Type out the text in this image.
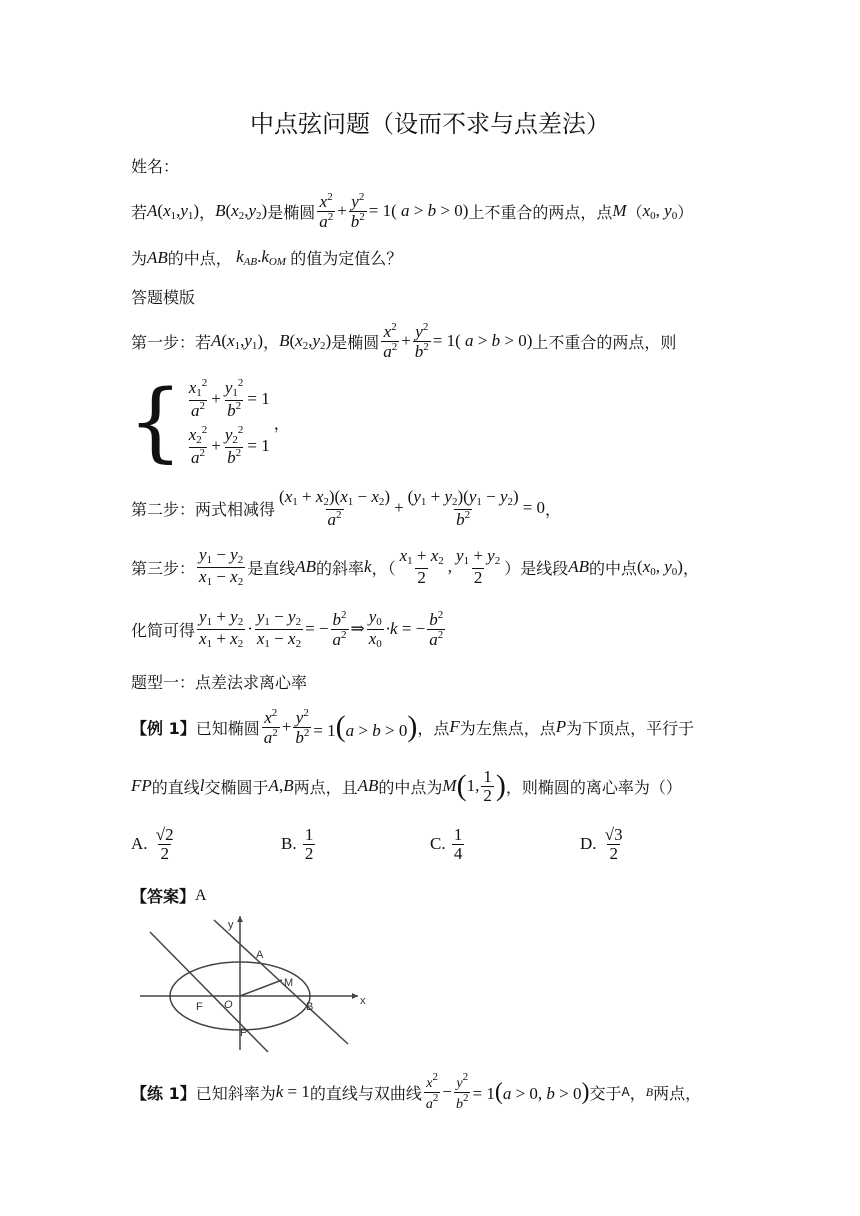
中点弦问题（设而不求与点差法）
姓名：
若 $A(x_1,y_1)$ ， $B(x_2,y_2)$ 是椭圆 $\frac{x^2}{a^2} + \frac{y^2}{b^2} = 1$( a > b > 0) 上不重合的两点，点 M （ $x_0$, $y_0$ ）
为 AB 的中点， $k_{AB}.k_{OM}$ 的值为定值么？
答题模版
第一步：若 $A(x_1,y_1)$ ， $B(x_2,y_2)$ 是椭圆 $\frac{x^2}{a^2} + \frac{y^2}{b^2} = 1$( a > b > 0) 上不重合的两点，则
{ $\frac{x_1^2}{a^2} + \frac{y_1^2}{b^2} = 1$
$\frac{x_2^2}{a^2} + \frac{y_2^2}{b^2} = 1$
，
第二步：两式相减得 $\frac{(x_1 + x_2)(x_1 - x_2)}{a^2} + \frac{(y_1 + y_2)(y_1 - y_2)}{b^2} = 0$ ，
第三步： $\frac{y_1 - y_2}{x_1 - x_2}$ 是直线 AB 的斜率 k ，（ $\frac{x_1 + x_2}{2}$ , $\frac{y_1 + y_2}{2}$ ） 是线段 AB 的中点 ($x_0$, $y_0$) ，
化简可得 $\frac{y_1 + y_2}{x_1 + x_2} \cdot \frac{y_1 - y_2}{x_1 - x_2}$ = − $\frac{b^2}{a^2}$ ⇒ $\frac{y_0}{x_0} \cdot k$ = − $\frac{b^2}{a^2}$
题型一：点差法求离心率
【例 1】 已知椭圆 $\frac{x^2}{a^2} + \frac{y^2}{b^2} = 1(a > b > 0)$ ，点 F 为左焦点，点 P 为下顶点，平行于
FP 的直线 l 交椭圆于 A,B 两点，且 AB 的中点为 M ( 1, $\frac{1}{2}$ ) ，则椭圆的离心率为（）
A.
$\frac{√2}{2}$	B.
$\frac{1}{2}$	C.
$\frac{1}{4}$	D.
$\frac{√3}{2}$
【答案】 A
y
x
A
M
F O	B
P
【练 1】 已知斜率为 k = 1 的直线与双曲线 $\frac{x^2}{a^2} - \frac{y^2}{b^2} = 1(a > 0$, b > 0) 交于 A ， B 两点，
